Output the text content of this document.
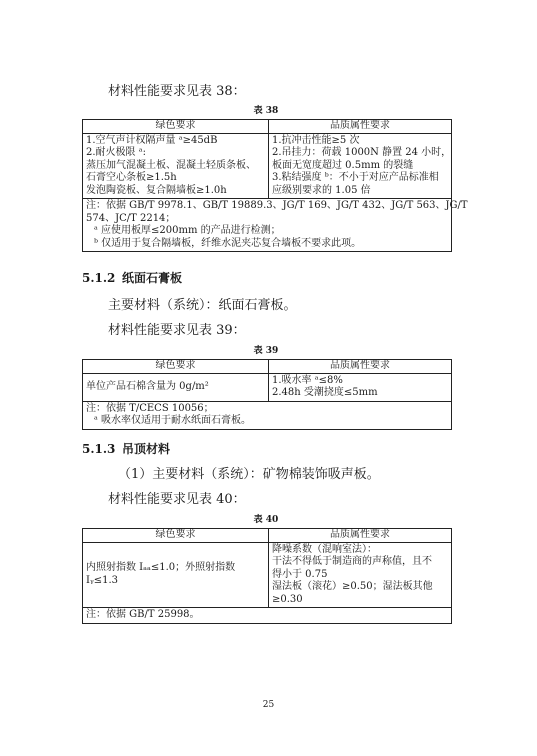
材料性能要求见表 38：
表 38
绿色要求	品质属性要求

1.空气声计权隔声量 ᵃ≥45dB
2.耐火极限 ᵃ:
蒸压加气混凝土板、混凝土轻质条板、
石膏空心条板≥1.5h
发泡陶瓷板、复合隔墙板≥1.0h	1.抗冲击性能≥5 次
2.吊挂力：荷载 1000N 静置 24 小时，
板面无宽度超过 0.5mm 的裂缝
3.粘结强度 ᵇ：不小于对应产品标准相
应级别要求的 1.05 倍

注：依据 GB/T 9978.1、GB/T 19889.3、JG/T 169、JG/T 432、JG/T 563、JG/T
574、JC/T 2214；
ᵃ 应使用板厚≤200mm 的产品进行检测；
ᵇ 仅适用于复合隔墙板，纤维水泥夹芯复合墙板不要求此项。	
5.1.2 纸面石膏板
主要材料（系统）：纸面石膏板。
材料性能要求见表 39：
表 39
绿色要求	品质属性要求
单位产品石棉含量为 0g/m²	1.吸水率 ᵃ≤8%
2.48h 受潮挠度≤5mm

注：依据 T/CECS 10056；
ᵃ 吸水率仅适用于耐水纸面石膏板。	
5.1.3 吊顶材料
（1）主要材料（系统）：矿物棉装饰吸声板。
材料性能要求见表 40：
表 40
绿色要求	品质属性要求

内照射指数 Iₐₐ≤1.0；外照射指数
Iᵧ≤1.3	降噪系数（混响室法）：
干法不得低于制造商的声称值，且不
得小于 0.75
湿法板（滚花）≥0.50；湿法板其他
≥0.30

注：依据 GB/T 25998。	
25
